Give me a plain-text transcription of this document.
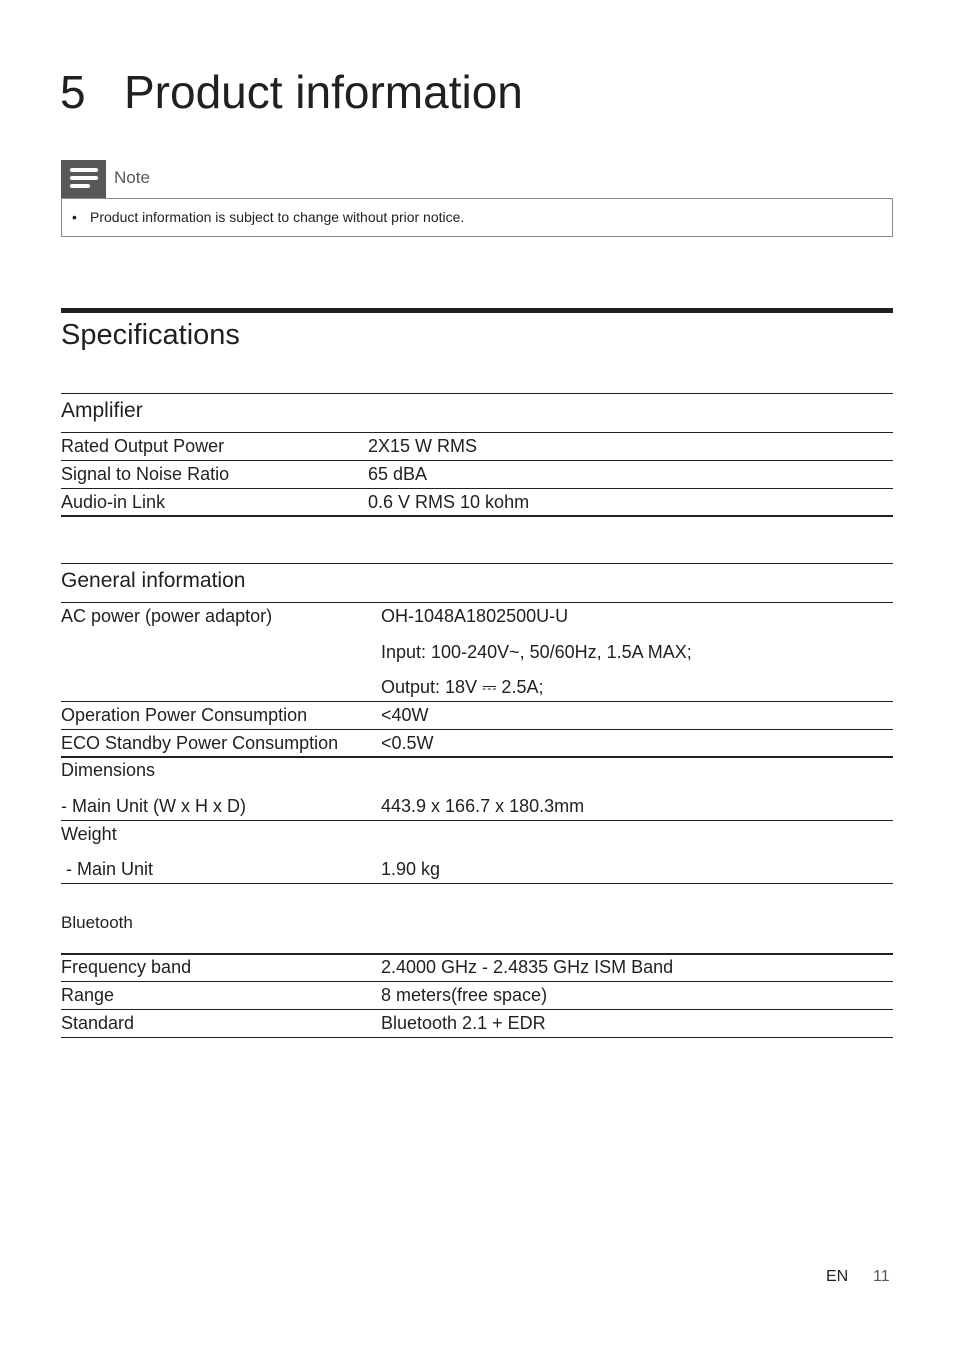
5 Product information
Note
• Product information is subject to change without prior notice.
Specifications
Amplifier
Rated Output Power	2X15 W RMS
Signal to Noise Ratio	65 dBA
Audio-in Link	0.6 V RMS 10 kohm
General information
AC power (power adaptor)	OH-1048A1802500U-U
Input: 100-240V~, 50/60Hz, 1.5A MAX;
Output: 18V ⎓ 2.5A;
Operation Power Consumption	<40W
ECO Standby Power Consumption <0.5W
Dimensions
- Main Unit (W x H x D)	443.9 x 166.7 x 180.3mm
Weight
- Main Unit	1.90 kg
Bluetooth
Frequency band	2.4000 GHz - 2.4835 GHz ISM Band
Range	8 meters(free space)
Standard	Bluetooth 2.1 + EDR
EN 11
